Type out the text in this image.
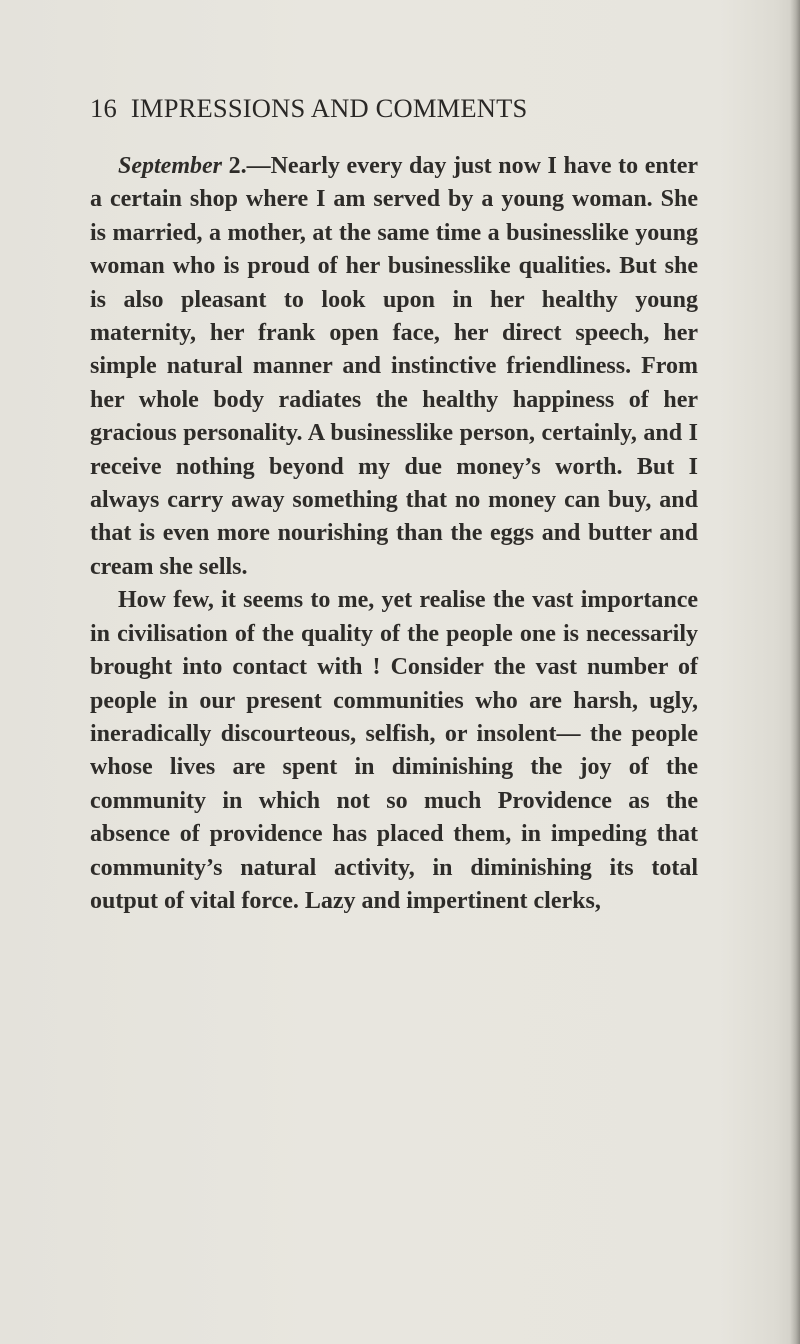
16 IMPRESSIONS AND COMMENTS

September 2.—Nearly every day just now I have to enter a certain shop where I am served by a young woman. She is married, a mother, at the same time a businesslike young woman who is proud of her businesslike qualities. But she is also pleasant to look upon in her healthy young maternity, her frank open face, her direct speech, her simple natural manner and instinctive friendliness. From her whole body radiates the healthy happiness of her gracious personality. A businesslike person, certainly, and I receive nothing beyond my due money’s worth. But I always carry away something that no money can buy, and that is even more nourishing than the eggs and butter and cream she sells.

How few, it seems to me, yet realise the vast importance in civilisation of the quality of the people one is necessarily brought into contact with ! Consider the vast number of people in our present communities who are harsh, ugly, ineradically discourteous, selfish, or insolent— the people whose lives are spent in diminishing the joy of the community in which not so much Providence as the absence of providence has placed them, in impeding that community’s natural activity, in diminishing its total output of vital force. Lazy and impertinent clerks,
